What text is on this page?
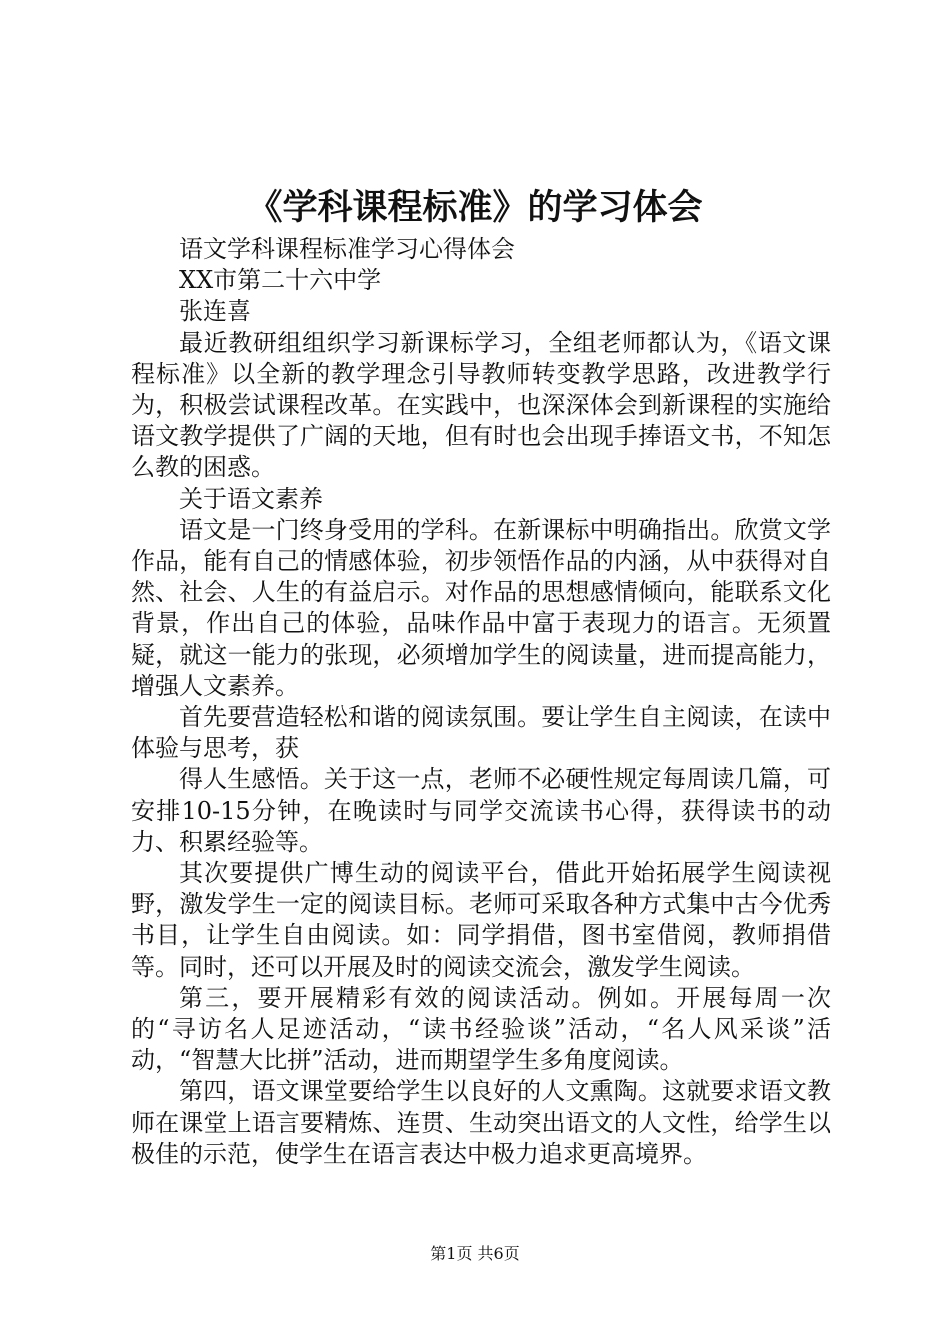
《学科课程标准》的学习体会

语文学科课程标准学习心得体会

XX市第二十六中学

张连喜

最近教研组组织学习新课标学习，全组老师都认为，《语文课程标准》以全新的教学理念引导教师转变教学思路，改进教学行为，积极尝试课程改革。在实践中，也深深体会到新课程的实施给语文教学提供了广阔的天地，但有时也会出现手捧语文书，不知怎么教的困惑。

关于语文素养

语文是一门终身受用的学科。在新课标中明确指出。欣赏文学作品，能有自己的情感体验，初步领悟作品的内涵，从中获得对自然、社会、人生的有益启示。对作品的思想感情倾向，能联系文化背景，作出自己的体验，品味作品中富于表现力的语言。无须置疑，就这一能力的张现，必须增加学生的阅读量，进而提高能力，增强人文素养。

首先要营造轻松和谐的阅读氛围。要让学生自主阅读，在读中体验与思考，获

得人生感悟。关于这一点，老师不必硬性规定每周读几篇，可安排10-15分钟，在晚读时与同学交流读书心得，获得读书的动力、积累经验等。

其次要提供广博生动的阅读平台，借此开始拓展学生阅读视野，激发学生一定的阅读目标。老师可采取各种方式集中古今优秀书目，让学生自由阅读。如：同学捐借，图书室借阅，教师捐借等。同时，还可以开展及时的阅读交流会，激发学生阅读。

第三，要开展精彩有效的阅读活动。例如。开展每周一次的“寻访名人足迹活动，“读书经验谈”活动，“名人风采谈”活动，“智慧大比拼”活动，进而期望学生多角度阅读。

第四，语文课堂要给学生以良好的人文熏陶。这就要求语文教师在课堂上语言要精炼、连贯、生动突出语文的人文性，给学生以极佳的示范，使学生在语言表达中极力追求更高境界。

第1页 共6页
